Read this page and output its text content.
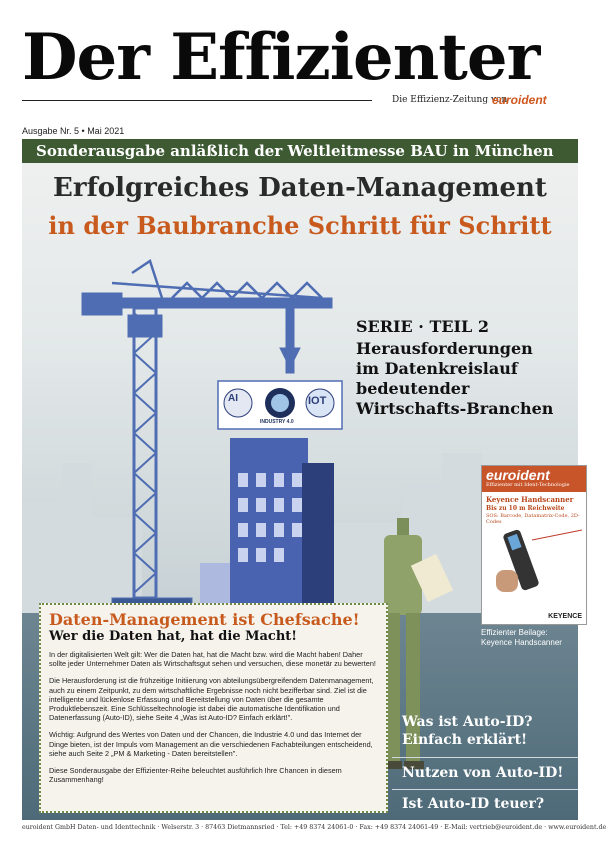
Der Effizienter
Die Effizienz-Zeitung von
euroident
Ausgabe Nr. 5 • Mai 2021
Sonderausgabe anläßlich der Weltleitmesse BAU in München
Erfolgreiches Daten-Management
in der Baubranche Schritt für Schritt
SERIE · TEIL 2
Herausforderungen
im Datenkreislauf
bedeutender
Wirtschafts-Branchen
AI
INDUSTRY 4.0
IOT
euroident
Effizienter mit Ident-Technologie
Keyence Handscanner
Bis zu 10 m Reichweite
SOS: Barcode, Datamatrix-Code, 2D-Codes
KEYENCE
Effizienter Beilage:
Keyence Handscanner
Daten-Management ist Chefsache!
Wer die Daten hat, hat die Macht!

In der digitalisierten Welt gilt: Wer die Daten hat, hat die Macht bzw. wird die Macht haben! Daher sollte jeder Unternehmer Daten als Wirtschaftsgut sehen und versuchen, diese monetär zu bewerten!

Die Herausforderung ist die frühzeitige Initiierung von abteilungsübergreifendem Datenmanagement, auch zu einem Zeitpunkt, zu dem wirtschaftliche Ergebnisse noch nicht bezifferbar sind. Ziel ist die intelligente und lückenlose Erfassung und Bereitstellung von Daten über die gesamte Produktlebenszeit. Eine Schlüsseltechnologie ist dabei die automatische Identifikation und Datenerfassung (Auto-ID), siehe Seite 4 „Was ist Auto-ID? Einfach erklärt!".

Wichtig: Aufgrund des Wertes von Daten und der Chancen, die Industrie 4.0 und das Internet der Dinge bieten, ist der Impuls vom Management an die verschiedenen Fachabteilungen entscheidend, siehe auch Seite 2 „PM & Marketing - Daten bereitstellen".

Diese Sonderausgabe der Effizienter-Reihe beleuchtet ausführlich Ihre Chancen in diesem Zusammenhang!

Was ist Auto-ID?
Einfach erklärt!
Nutzen von Auto-ID!
Ist Auto-ID teuer?
euroident GmbH Daten- und Identtechnik · Welserstr. 3 · 87463 Dietmannsried · Tel: +49 8374 24061-0 · Fax: +49 8374 24061-49 · E-Mail: vertrieb@euroident.de · www.euroident.de
